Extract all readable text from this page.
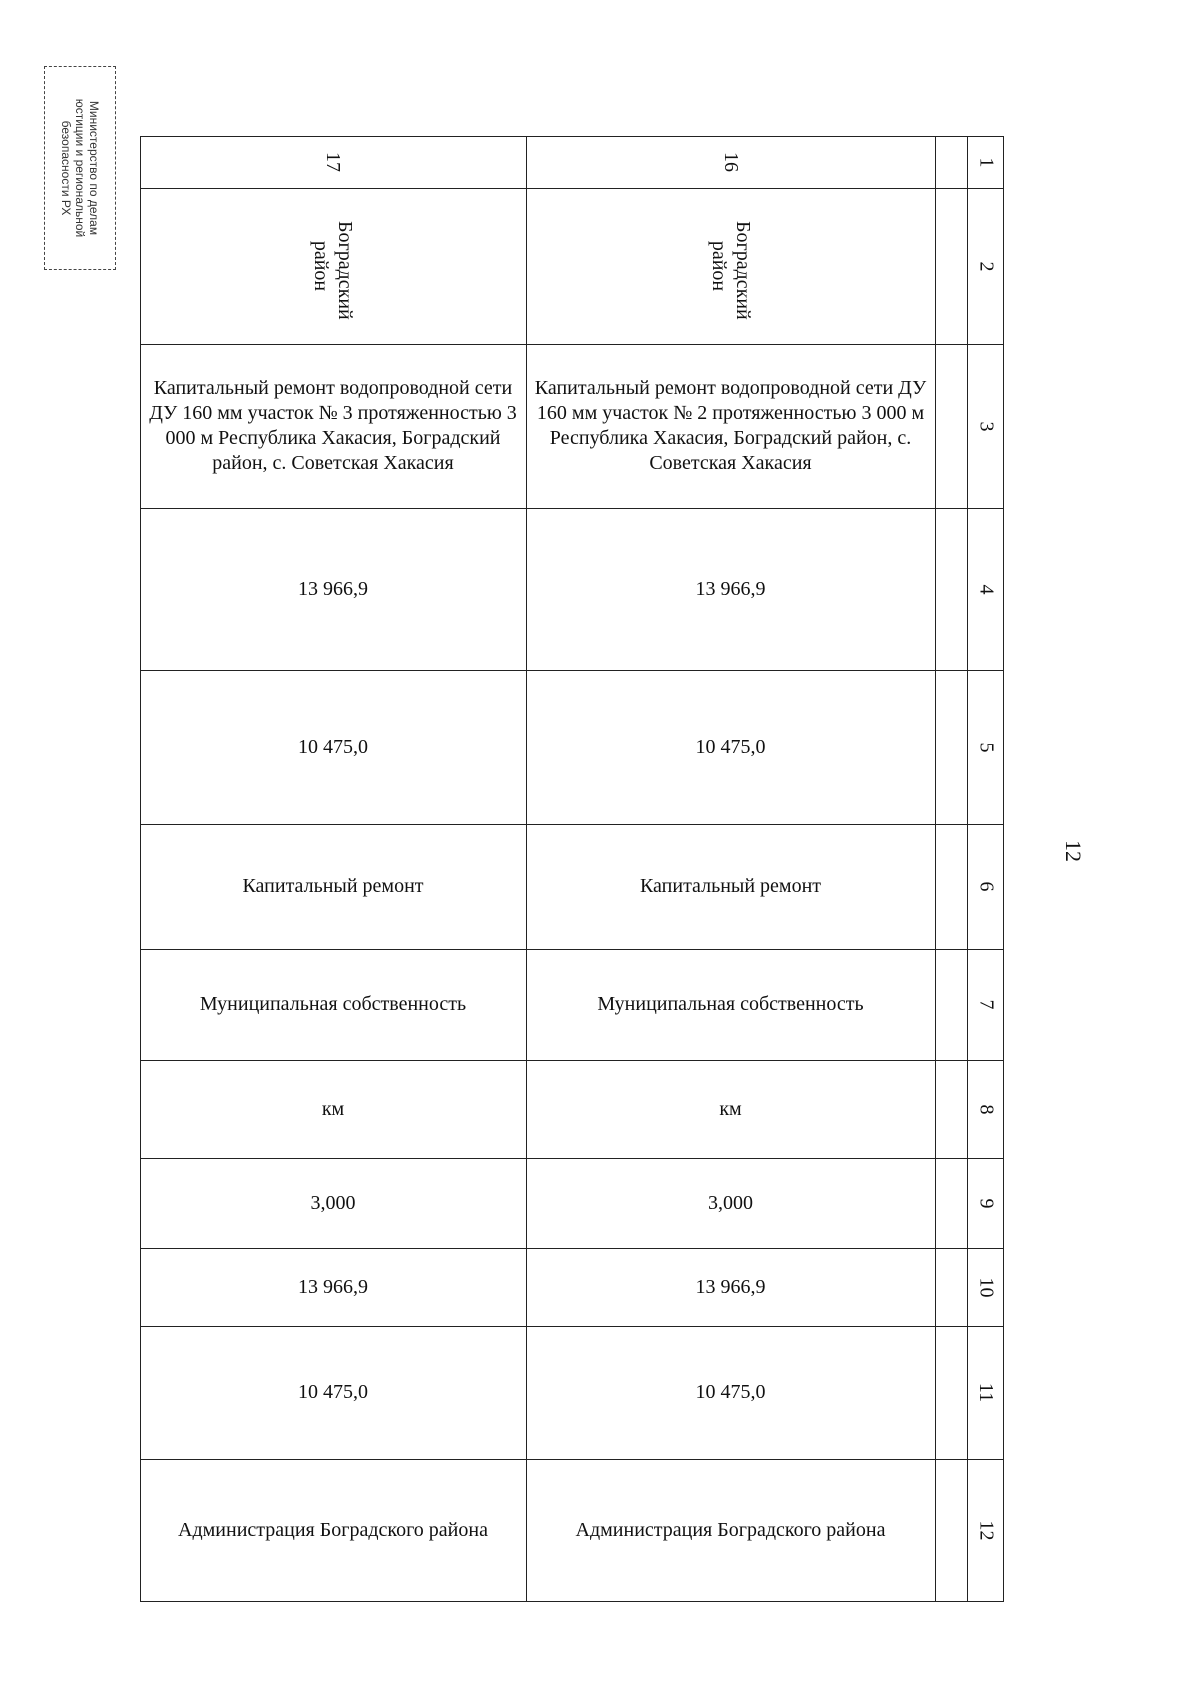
Министерство по делам
юстиции и региональной
безопасности РХ
12
17
Боградский район
Капитальный ремонт водопроводной сети ДУ 160 мм участок № 3 протяженностью 3 000 м Республика Хакасия, Боградский район, с. Советская Хакасия
13 966,9
10 475,0
Капитальный ремонт
Муниципальная собственность
км
3,000
13 966,9
10 475,0
Администрация Боградского района
16
Боградский район
Капитальный ремонт водопроводной сети ДУ 160 мм участок № 2 протяженностью 3 000 м Республика Хакасия, Боградский район, с. Советская Хакасия
13 966,9
10 475,0
Капитальный ремонт
Муниципальная собственность
км
3,000
13 966,9
10 475,0
Администрация Боградского района
1
2
3
4
5
6
7
8
9
10
11
12
